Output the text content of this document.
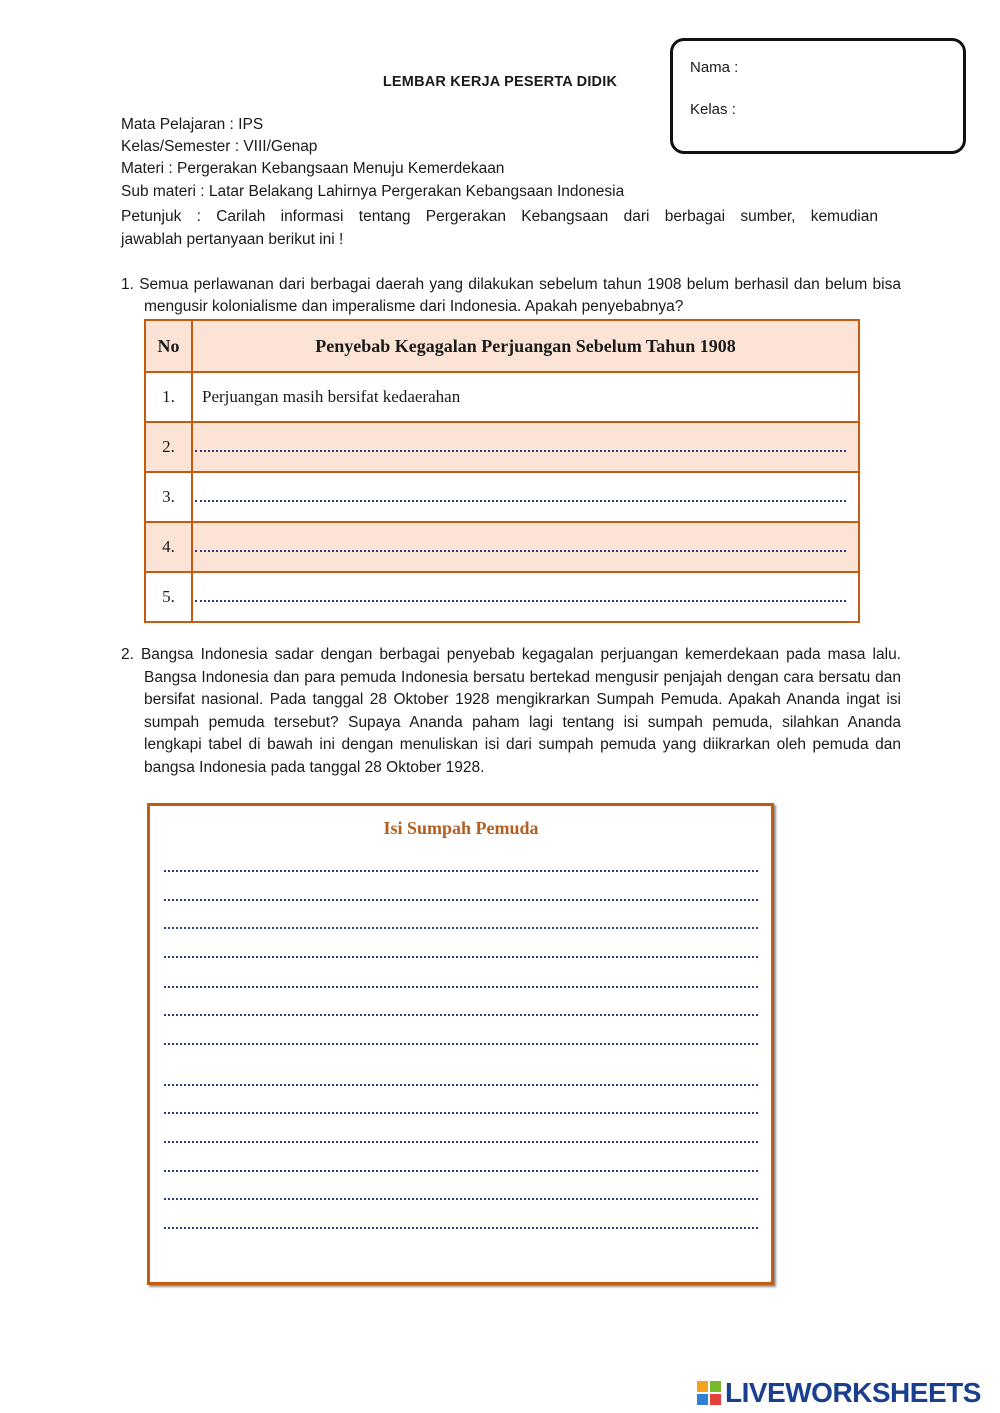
Nama :
Kelas :
LEMBAR KERJA PESERTA DIDIK
Mata Pelajaran : IPS
Kelas/Semester : VIII/Genap
Materi : Pergerakan Kebangsaan Menuju Kemerdekaan
Sub materi : Latar Belakang Lahirnya Pergerakan Kebangsaan Indonesia
Petunjuk : Carilah informasi tentang Pergerakan Kebangsaan dari berbagai sumber, kemudian
jawablah pertanyaan berikut ini !
1. Semua perlawanan dari berbagai daerah yang dilakukan sebelum tahun 1908 belum berhasil dan belum bisa mengusir kolonialisme dan imperalisme dari Indonesia. Apakah penyebabnya?
No	Penyebab Kegagalan Perjuangan Sebelum Tahun 1908
1.	Perjuangan masih bersifat kedaerahan
2.	

3.	

4.	

5.	
2. Bangsa Indonesia sadar dengan berbagai penyebab kegagalan perjuangan kemerdekaan pada masa lalu. Bangsa Indonesia dan para pemuda Indonesia bersatu bertekad mengusir penjajah dengan cara bersatu dan bersifat nasional. Pada tanggal 28 Oktober 1928 mengikrarkan Sumpah Pemuda. Apakah Ananda ingat isi sumpah pemuda tersebut? Supaya Ananda paham lagi tentang isi sumpah pemuda, silahkan Ananda lengkapi tabel di bawah ini dengan menuliskan isi dari sumpah pemuda yang diikrarkan oleh pemuda dan bangsa Indonesia pada tanggal 28 Oktober 1928.
Isi Sumpah Pemuda
LIVEWORKSHEETS
